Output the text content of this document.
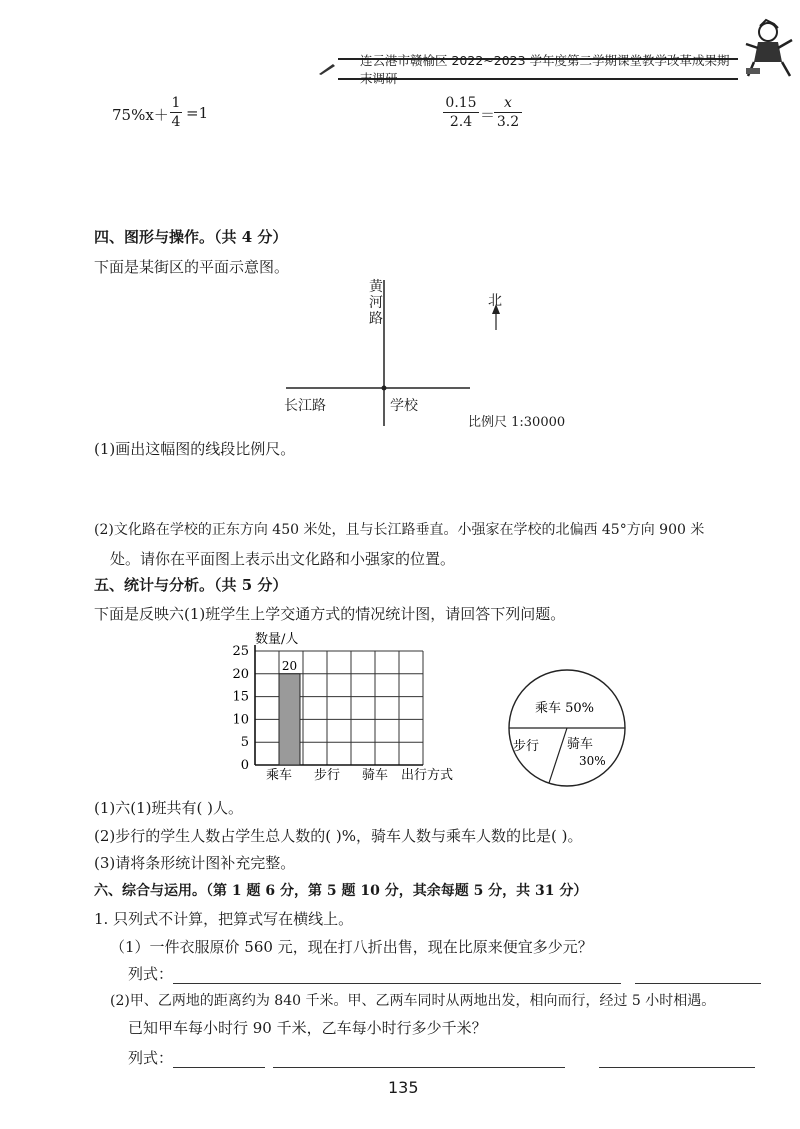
连云港市赣榆区 2022~2023 学年度第二学期课堂教学改革成果期末调研
75%x＋
1
4 =1
0.15
2.4 ＝
x
3.2
四、图形与操作。（共 4 分）
下面是某街区的平面示意图。
黄河路
长江路	学校
北
比例尺 1:30000
(1)画出这幅图的线段比例尺。
(2)文化路在学校的正东方向 450 米处，且与长江路垂直。小强家在学校的北偏西 45°方向 900 米
处。请你在平面图上表示出文化路和小强家的位置。
五、统计与分析。（共 5 分）
下面是反映六(1)班学生上学交通方式的情况统计图，请回答下列问题。
0
5
10
15
20
25
乘车 步行 骑车
20
数量/人
出行方式
乘车 50%
步行 骑车
30%
(1)六(1)班共有( )人。
(2)步行的学生人数占学生总人数的( )%，骑车人数与乘车人数的比是( )。
(3)请将条形统计图补充完整。
六、综合与运用。（第 1 题 6 分，第 5 题 10 分，其余每题 5 分，共 31 分）
1. 只列式不计算，把算式写在横线上。
（1）一件衣服原价 560 元，现在打八折出售，现在比原来便宜多少元？
列式：
(2)甲、乙两地的距离约为 840 千米。甲、乙两车同时从两地出发，相向而行，经过 5 小时相遇。
已知甲车每小时行 90 千米，乙车每小时行多少千米？
列式：
135
